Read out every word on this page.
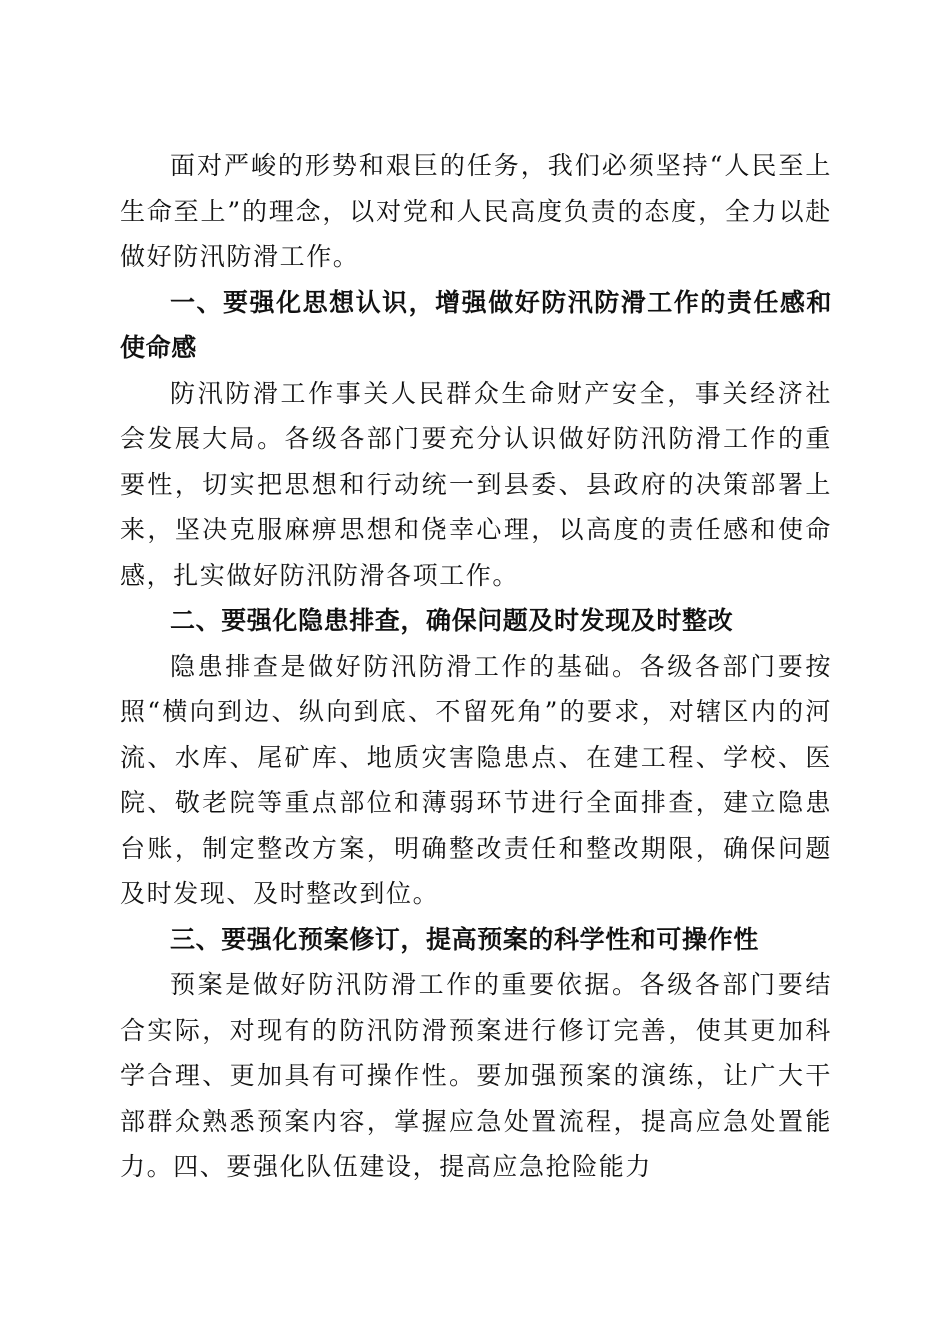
面对严峻的形势和艰巨的任务，我们必须坚持“人民至上生命至上”的理念，以对党和人民高度负责的态度，全力以赴做好防汛防滑工作。

一、要强化思想认识，增强做好防汛防滑工作的责任感和使命感

防汛防滑工作事关人民群众生命财产安全，事关经济社会发展大局。各级各部门要充分认识做好防汛防滑工作的重要性，切实把思想和行动统一到县委、县政府的决策部署上来，坚决克服麻痹思想和侥幸心理，以高度的责任感和使命感，扎实做好防汛防滑各项工作。

二、要强化隐患排查，确保问题及时发现及时整改

隐患排查是做好防汛防滑工作的基础。各级各部门要按照“横向到边、纵向到底、不留死角”的要求，对辖区内的河流、水库、尾矿库、地质灾害隐患点、在建工程、学校、医院、敬老院等重点部位和薄弱环节进行全面排查，建立隐患台账，制定整改方案，明确整改责任和整改期限，确保问题及时发现、及时整改到位。

三、要强化预案修订，提高预案的科学性和可操作性

预案是做好防汛防滑工作的重要依据。各级各部门要结合实际，对现有的防汛防滑预案进行修订完善，使其更加科学合理、更加具有可操作性。要加强预案的演练，让广大干部群众熟悉预案内容，掌握应急处置流程，提高应急处置能力。四、要强化队伍建设，提高应急抢险能力
